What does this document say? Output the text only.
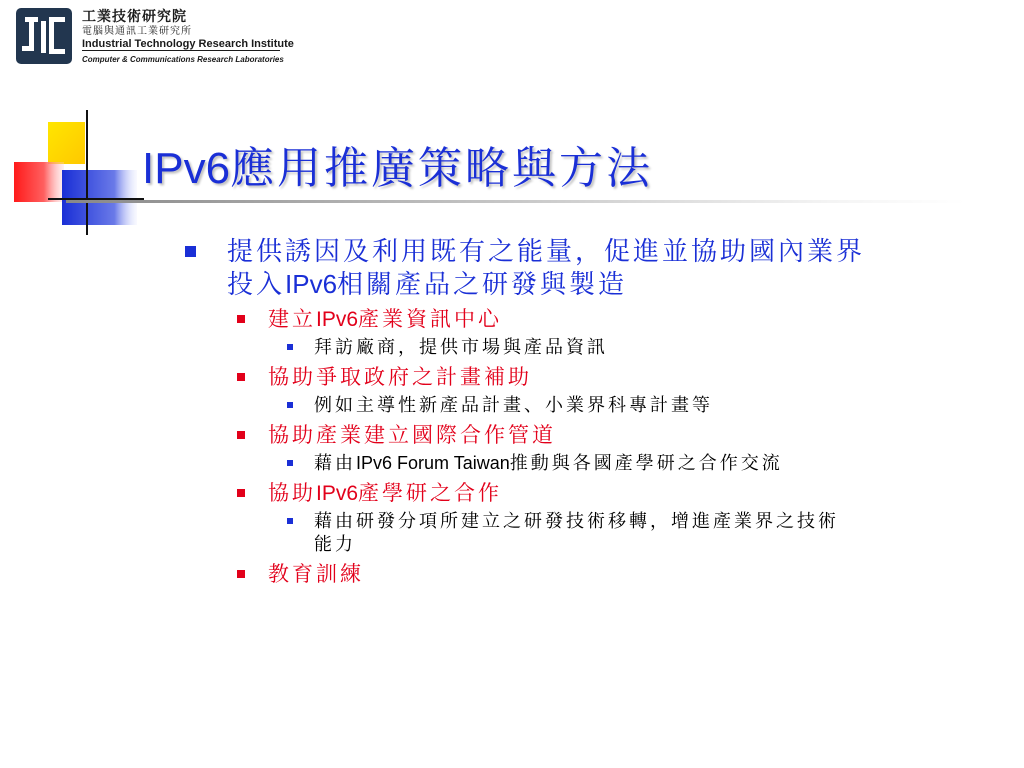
工業技術研究院
電腦與通訊工業研究所
Industrial Technology Research Institute
Computer & Communications Research Laboratories
IPv6應用推廣策略與方法
提供誘因及利用既有之能量，促進並協助國內業界投入IPv6相關產品之研發與製造
建立IPv6產業資訊中心
拜訪廠商，提供市場與產品資訊
協助爭取政府之計畫補助
例如主導性新產品計畫、小業界科專計畫等
協助產業建立國際合作管道
藉由IPv6 Forum Taiwan推動與各國產學研之合作交流
協助IPv6產學研之合作
藉由研發分項所建立之研發技術移轉，增進產業界之技術能力
教育訓練
